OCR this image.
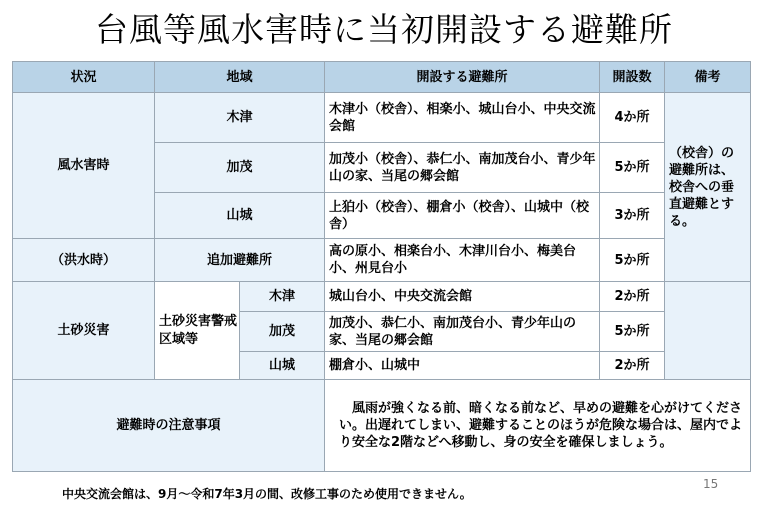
台風等風水害時に当初開設する避難所
状況	地域		開設する避難所	開設数	備考
風水害時	木津		木津小（校舎）、相楽小、城山台小、中央交流会館	4か所	（校舎）の避難所は、校舎への垂直避難とする。
	加茂		加茂小（校舎）、恭仁小、南加茂台小、青少年山の家、当尾の郷会館	5か所	
	山城		上狛小（校舎）、棚倉小（校舎）、山城中（校舎）	3か所	
（洪水時）	追加避難所		高の原小、相楽台小、木津川台小、梅美台小、州見台小	5か所	
土砂災害	土砂災害警戒区域等	木津	城山台小、中央交流会館	2か所	
		加茂	加茂小、恭仁小、南加茂台小、青少年山の家、当尾の郷会館	5か所	
		山城	棚倉小、山城中	2か所	
避難時の注意事項			風雨が強くなる前、暗くなる前など、早めの避難を心がけてください。出遅れてしまい、避難することのほうが危険な場合は、屋内でより安全な2階などへ移動し、身の安全を確保しましょう。		
中央交流会館は、9月～令和7年3月の間、改修工事のため使用できません。
15
